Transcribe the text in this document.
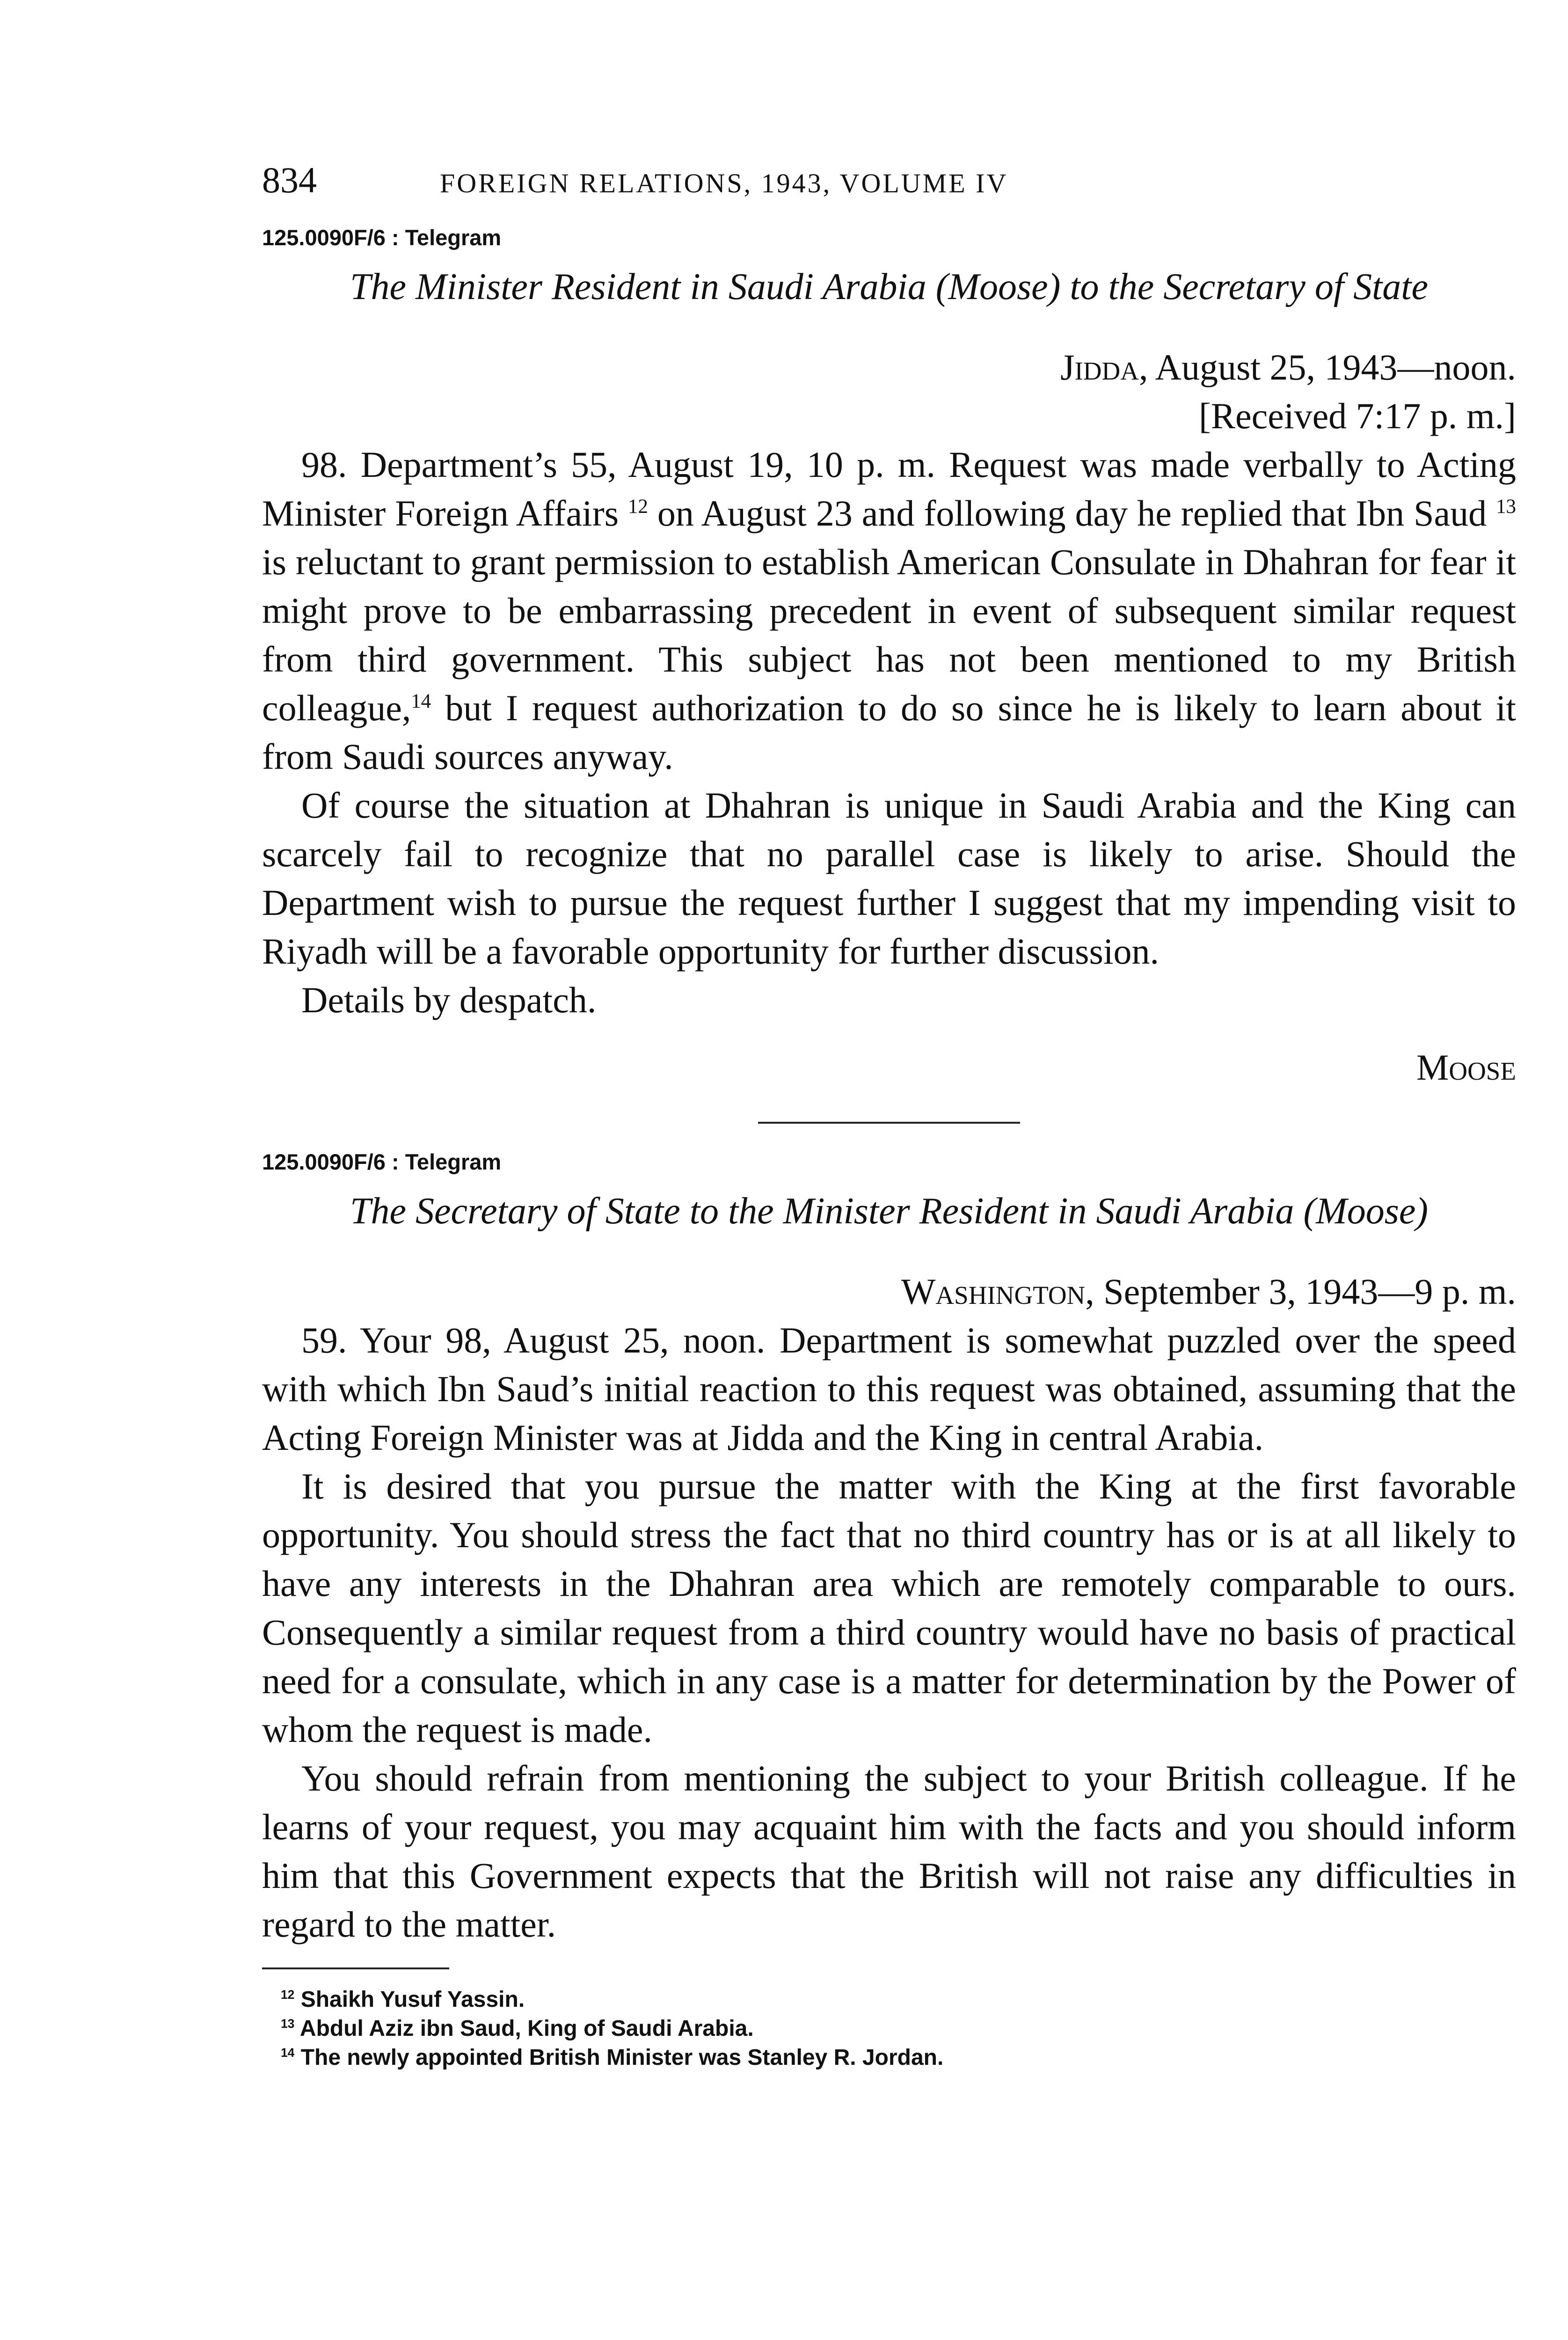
834	FOREIGN RELATIONS, 1943, VOLUME IV
125.0090F/6 : Telegram
The Minister Resident in Saudi Arabia (Moose) to the Secretary of State
Jidda, August 25, 1943—noon.
[Received 7:17 p. m.]

98. Department’s 55, August 19, 10 p. m. Request was made verbally to Acting Minister Foreign Affairs $^{12}$ on August 23 and following day he replied that Ibn Saud $^{13}$ is reluctant to grant permission to establish American Consulate in Dhahran for fear it might prove to be embarrassing precedent in event of subsequent similar request from third government. This subject has not been mentioned to my British colleague,$^{14}$ but I request authorization to do so since he is likely to learn about it from Saudi sources anyway.

Of course the situation at Dhahran is unique in Saudi Arabia and the King can scarcely fail to recognize that no parallel case is likely to arise. Should the Department wish to pursue the request further I suggest that my impending visit to Riyadh will be a favorable opportunity for further discussion.

Details by despatch.

Moose
125.0090F/6 : Telegram
The Secretary of State to the Minister Resident in Saudi Arabia (Moose)
Washington, September 3, 1943—9 p. m.

59. Your 98, August 25, noon. Department is somewhat puzzled over the speed with which Ibn Saud’s initial reaction to this request was obtained, assuming that the Acting Foreign Minister was at Jidda and the King in central Arabia.

It is desired that you pursue the matter with the King at the first favorable opportunity. You should stress the fact that no third country has or is at all likely to have any interests in the Dhahran area which are remotely comparable to ours. Consequently a similar request from a third country would have no basis of practical need for a consulate, which in any case is a matter for determination by the Power of whom the request is made.

You should refrain from mentioning the subject to your British colleague. If he learns of your request, you may acquaint him with the facts and you should inform him that this Government expects that the British will not raise any difficulties in regard to the matter.

$^{12}$ Shaikh Yusuf Yassin.
$^{13}$ Abdul Aziz ibn Saud, King of Saudi Arabia.
$^{14}$ The newly appointed British Minister was Stanley R. Jordan.
